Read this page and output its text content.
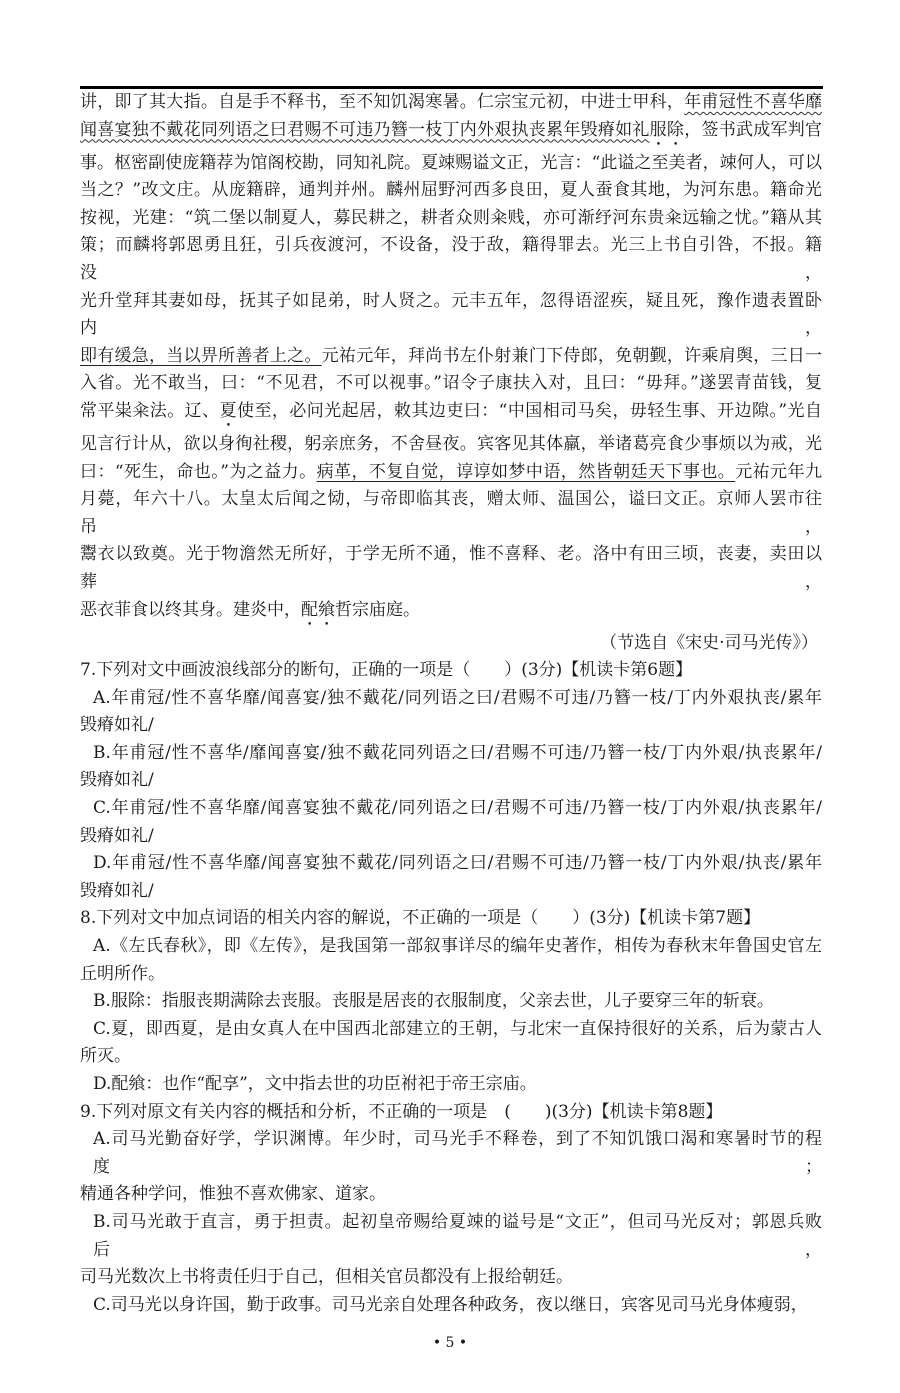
讲，即了其大指。自是手不释书，至不知饥渴寒暑。仁宗宝元初，中进士甲科，年甫冠性不喜华靡
闻喜宴独不戴花同列语之曰君赐不可违乃簪一枝丁内外艰执丧累年毁瘠如礼服除，签书武成军判官
事。枢密副使庞籍荐为馆阁校勘，同知礼院。夏竦赐谥文正，光言：“此谥之至美者，竦何人，可以
当之？”改文庄。从庞籍辟，通判并州。麟州屈野河西多良田，夏人蚕食其地，为河东患。籍命光
按视，光建：“筑二堡以制夏人，募民耕之，耕者众则籴贱，亦可渐纾河东贵籴远输之忧。”籍从其
策；而麟将郭恩勇且狂，引兵夜渡河，不设备，没于敌，籍得罪去。光三上书自引咎，不报。籍没，
光升堂拜其妻如母，抚其子如昆弟，时人贤之。元丰五年，忽得语涩疾，疑且死，豫作遗表置卧内，
即有缓急，当以畀所善者上之。元祐元年，拜尚书左仆射兼门下侍郎，免朝觐，许乘肩舆，三日一
入省。光不敢当，曰：“不见君，不可以视事。”诏令子康扶入对，且曰：“毋拜。”遂罢青苗钱，复
常平粜籴法。辽、夏使至，必问光起居，敕其边吏曰：“中国相司马矣，毋轻生事、开边隙。”光自
见言行计从，欲以身徇社稷，躬亲庶务，不舍昼夜。宾客见其体羸，举诸葛亮食少事烦以为戒，光
曰：“死生，命也。”为之益力。病革，不复自觉，谆谆如梦中语，然皆朝廷天下事也。元祐元年九
月薨，年六十八。太皇太后闻之恸，与帝即临其丧，赠太师、温国公，谥曰文正。京师人罢市往吊，
鬻衣以致奠。光于物澹然无所好，于学无所不通，惟不喜释、老。洛中有田三顷，丧妻，卖田以葬，
恶衣菲食以终其身。建炎中，配飨哲宗庙庭。
（节选自《宋史·司马光传》）
7.下列对文中画波浪线部分的断句，正确的一项是（　　）(3分)【机读卡第6题】
A.年甫冠/性不喜华靡/闻喜宴/独不戴花/同列语之曰/君赐不可违/乃簪一枝/丁内外艰执丧/累年
毁瘠如礼/
B.年甫冠/性不喜华/靡闻喜宴/独不戴花同列语之曰/君赐不可违/乃簪一枝/丁内外艰/执丧累年/
毁瘠如礼/
C.年甫冠/性不喜华靡/闻喜宴独不戴花/同列语之曰/君赐不可违/乃簪一枝/丁内外艰/执丧累年/
毁瘠如礼/
D.年甫冠/性不喜华靡/闻喜宴独不戴花/同列语之曰/君赐不可违/乃簪一枝/丁内外艰/执丧/累年
毁瘠如礼/
8.下列对文中加点词语的相关内容的解说，不正确的一项是（　　）(3分)【机读卡第7题】
A.《左氏春秋》，即《左传》，是我国第一部叙事详尽的编年史著作，相传为春秋末年鲁国史官左
丘明所作。
B.服除：指服丧期满除去丧服。丧服是居丧的衣服制度，父亲去世，儿子要穿三年的斩衰。
C.夏，即西夏，是由女真人在中国西北部建立的王朝，与北宋一直保持很好的关系，后为蒙古人
所灭。
D.配飨：也作“配享”，文中指去世的功臣祔祀于帝王宗庙。
9.下列对原文有关内容的概括和分析，不正确的一项是　(　　)(3分)【机读卡第8题】
A.司马光勤奋好学，学识渊博。年少时，司马光手不释卷，到了不知饥饿口渴和寒暑时节的程度；
精通各种学问，惟独不喜欢佛家、道家。
B.司马光敢于直言，勇于担责。起初皇帝赐给夏竦的谥号是“文正”，但司马光反对；郭恩兵败后，
司马光数次上书将责任归于自己，但相关官员都没有上报给朝廷。
C.司马光以身许国，勤于政事。司马光亲自处理各种政务，夜以继日，宾客见司马光身体瘦弱，
• 5 •
